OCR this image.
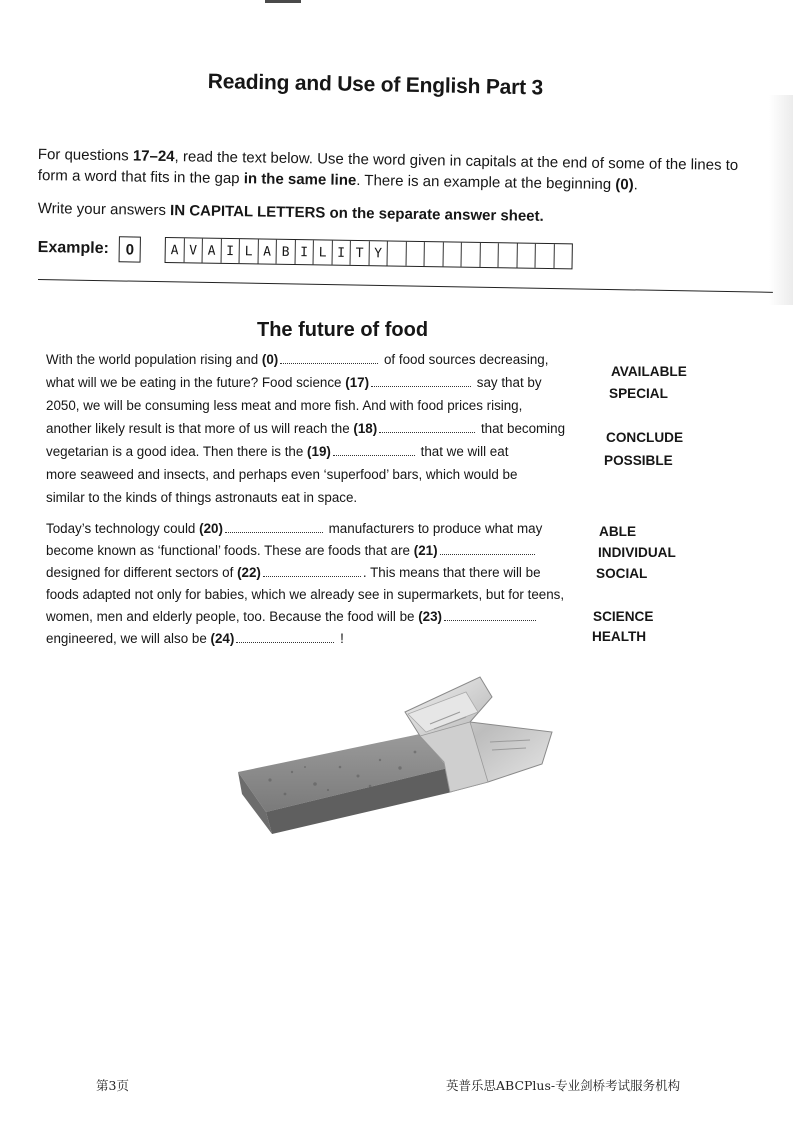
Reading and Use of English Part 3
For questions 17–24, read the text below. Use the word given in capitals at the end of some of the lines to
form a word that fits in the gap in the same line. There is an example at the beginning (0).
Write your answers IN CAPITAL LETTERS on the separate answer sheet.
Example:	0	A V A I L A B I L I T Y
The future of food
With the world population rising and (0)	of food sources decreasing,
what will we be eating in the future? Food science (17)	say that by
2050, we will be consuming less meat and more fish. And with food prices rising,
another likely result is that more of us will reach the (18)	that becoming
vegetarian is a good idea. Then there is the (19)	that we will eat
more seaweed and insects, and perhaps even ‘superfood’ bars, which would be
similar to the kinds of things astronauts eat in space.
Today’s technology could (20)	manufacturers to produce what may
become known as ‘functional’ foods. These are foods that are (21)
designed for different sectors of (22)	. This means that there will be
foods adapted not only for babies, which we already see in supermarkets, but for teens,
women, men and elderly people, too. Because the food will be (23)
engineered, we will also be (24)	!
AVAILABLE
SPECIAL
CONCLUDE
POSSIBLE
ABLE
INDIVIDUAL
SOCIAL
SCIENCE
HEALTH
第3页	英普乐思ABCPlus-专业剑桥考试服务机构
